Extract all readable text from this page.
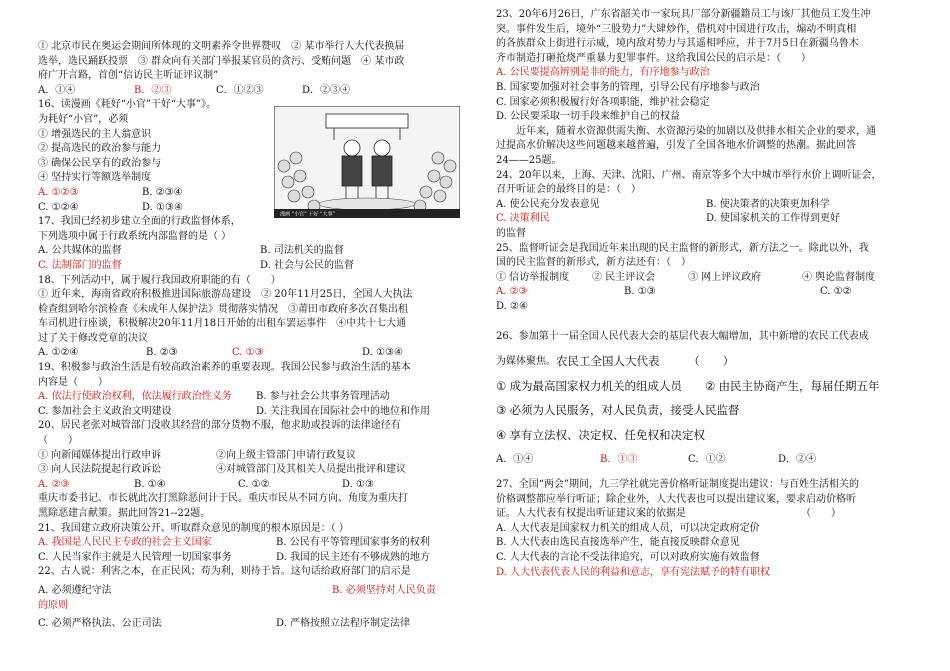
① 北京市民在奥运会期间所体现的文明素养令世界赞叹　② 某市举行人大代表换届
选举，选民踊跃投票　③ 群众向有关部门举报某官员的贪污、受贿问题　④ 某市政
府广开言路，首创“信访民主听证评议制”
A．①④	B．②③	C．①②③	D．②③④
16、读漫画《耗好“小官”干好“大事”》。
为耗好“小官”，必须
① 增强选民的主人翁意识
② 提高选民的政治参与能力
③ 确保公民享有的政治参与
④ 坚持实行等额选举制度
A. ①②③	B. ②③④
C. ①②④	D. ①③④
漫画 “小官” 干好 “大事”
17、我国已经初步建立全面的行政监督体系，
下列选项中属于行政系统内部监督的是（ ）
A. 公共媒体的监督	B. 司法机关的监督
C. 法制部门的监督	D. 社会与公民的监督
18、下列活动中，属于履行我国政府职能的有（　　）
① 近年来，海南省政府积极推进国际旅游岛建设　② 20年11月25日，全国人大执法
检查组到哈尔滨检查《未成年人保护法》贯彻落实情况　③莆田市政府多次召集出租
车司机进行座谈，积极解决20年11月18日开始的出租车罢运事件　④中共十七大通
过了关于修改党章的决议
A. ①②④	B. ②③	C. ①③	D. ①③④
19、积极参与政治生活是有较高政治素养的重要表现。我国公民参与政治生活的基本
内容是（　　）
A. 依法行使政治权利，依法履行政治性义务	B. 参与社会公共事务管理活动
C. 参加社会主义政治文明建设	D. 关注我国在国际社会中的地位和作用
20、居民老张对城管部门没收其经营的部分货物不服，他求助或投诉的法律途径有
（　　）
① 向新闻媒体提出行政申诉	②向上级主管部门申请行政复议
③ 向人民法院提起行政诉讼	④对城管部门及其相关人员提出批评和建议
A. ②③	B. ①④	C. ①②	D. ①③
重庆市委书记、市长就此次打黑除恶问计于民。重庆市民从不同方向、角度为重庆打
黑除恶建言献策。据此回答21--22题。
21、我国建立政府决策公开、听取群众意见的制度的根本原因是：（ ）
A. 我国是人民民主专政的社会主义国家	B. 公民有平等管理国家事务的权利
C. 人民当家作主就是人民管理一切国家事务	D. 我国的民主还有不够成熟的地方
22、古人说：利害之本，在正民风；苟为利，则待于旨。这句话给政府部门的启示是
A. 必须遵纪守法	B. 必须坚持对人民负责
的原则
C. 必须严格执法、公正司法	D. 严格按照立法程序制定法律
23、20年6月26日，广东省韶关市一家玩具厂部分新疆籍员工与该厂其他员工发生冲
突。事件发生后，境外“三股势力”大肆炒作，借机对中国进行攻击，煽动不明真相
的各族群众上街进行示威，境内敌对势力与其遥相呼应，并于7月5日在新疆乌鲁木
齐市制造打砸抢烧严重暴力犯罪事件。这给我国公民的启示是：（　　）
A. 公民要提高辨别是非的能力，有序地参与政治
B. 国家要加强对社会事务的管理，引导公民有序地参与政治
C. 国家必须积极履行好各项职能，维护社会稳定
D. 公民要采取一切手段来维护自己的权益
　　近年来，随着水资源供需失衡、水资源污染的加剧以及供排水相关企业的要求，通
过提高水价解决这些问题越来越普遍，引发了全国各地水价调整的热潮。据此回答
24——25题。
24、20年以来，上海、天津、沈阳、广州、南京等多个大中城市举行水价上调听证会，
召开听证会的最终目的是：（　）
A. 使公民充分发表意见	B. 使决策者的决策更加科学
C. 决策利民	D. 使国家机关的工作得到更好
的监督
25、监督听证会是我国近年来出现的民主监督的新形式，新方法之一。除此以外，我
国的民主监督的新形式，新方法还有：（　）
① 信访举报制度	② 民主评议会	③ 网上评议政府	④ 舆论监督制度
A. ②③	B. ①③	C. ①②
D. ②④
26、参加第十一届全国人民代表大会的基层代表大幅增加，其中新增的农民工代表成
为媒体聚焦。 农民工全国人大代表　　　（　　）
① 成为最高国家权力机关的组成人员　　② 由民主协商产生，每届任期五年
③ 必须为人民服务，对人民负责，接受人民监督
④ 享有立法权、决定权、任免权和决定权
A．①④	B．①③	C．①②	D．②④
27、全国“两会”期间，九三学社就完善价格听证制度提出建议：与百姓生活相关的
价格调整都应举行听证；除企业外，人大代表也可以提出建议案，要求启动价格听
证。人大代表有权提出听证建议案的依据是　　　　　　　　　　　　（　　）
A. 人大代表是国家权力机关的组成人员，可以决定政府定价
B. 人大代表由选民直接选举产生，能直接反映群众意见
C. 人大代表的言论不受法律追究，可以对政府实施有效监督
D. 人大代表代表人民的利益和意志，享有宪法赋予的特有职权
